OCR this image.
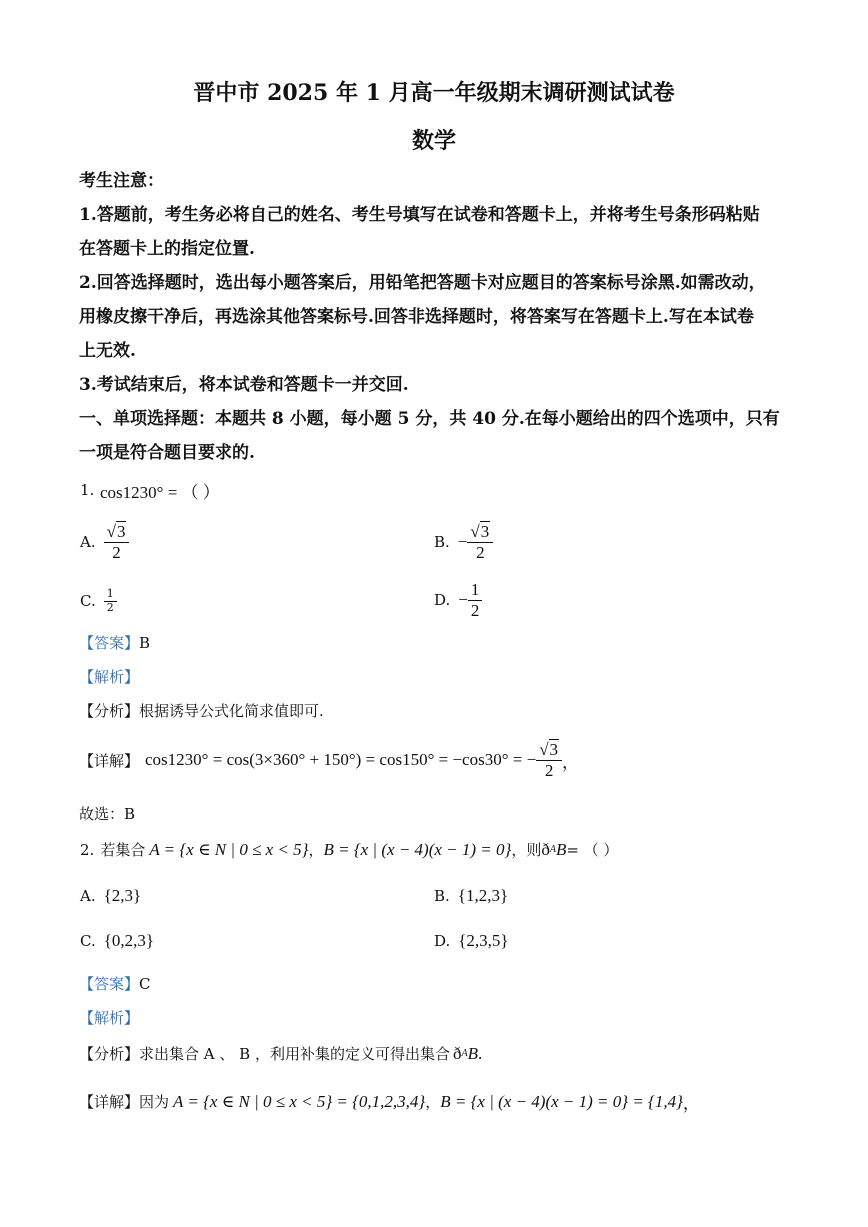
晋中市 2025 年 1 月高一年级期末调研测试试卷
数学
考生注意：
1.答题前，考生务必将自己的姓名、考生号填写在试卷和答题卡上，并将考生号条形码粘贴
在答题卡上的指定位置.
2.回答选择题时，选出每小题答案后，用铅笔把答题卡对应题目的答案标号涂黑.如需改动，
用橡皮擦干净后，再选涂其他答案标号.回答非选择题时，将答案写在答题卡上.写在本试卷
上无效.
3.考试结束后，将本试卷和答题卡一并交回.
一、单项选择题：本题共 8 小题，每小题 5 分，共 40 分.在每小题给出的四个选项中，只有
一项是符合题目要求的.
1. cos1230° = （ ）
A. $\frac{√3}{2}$	B. − $\frac{√3}{2}$
C. $\frac{1}{2}$	D. − $\frac{1}{2}$
【答案】B
【解析】
【分析】根据诱导公式化简求值即可.
【详解】 cos1230° = cos(3×360° + 150°) = cos150° = −cos30° = − $\frac{√3}{2}$ ，
故选：B
2. 若集合 A = {x ∈ N | 0 ≤ x < 5} ， B = {x | (x − 4)(x − 1) = 0} ，则 ð A B = （ ）
A. {2,3}	B. {1,2,3}
C. {0,2,3}	D. {2,3,5}
【答案】C
【解析】
【分析】 求出集合 A 、 B ，利用补集的定义可得出集合 ð A B .
【详解】 因为 A = {x ∈ N | 0 ≤ x < 5} = {0,1,2,3,4} ， B = {x | (x − 4)(x − 1) = 0} = {1,4} ，
